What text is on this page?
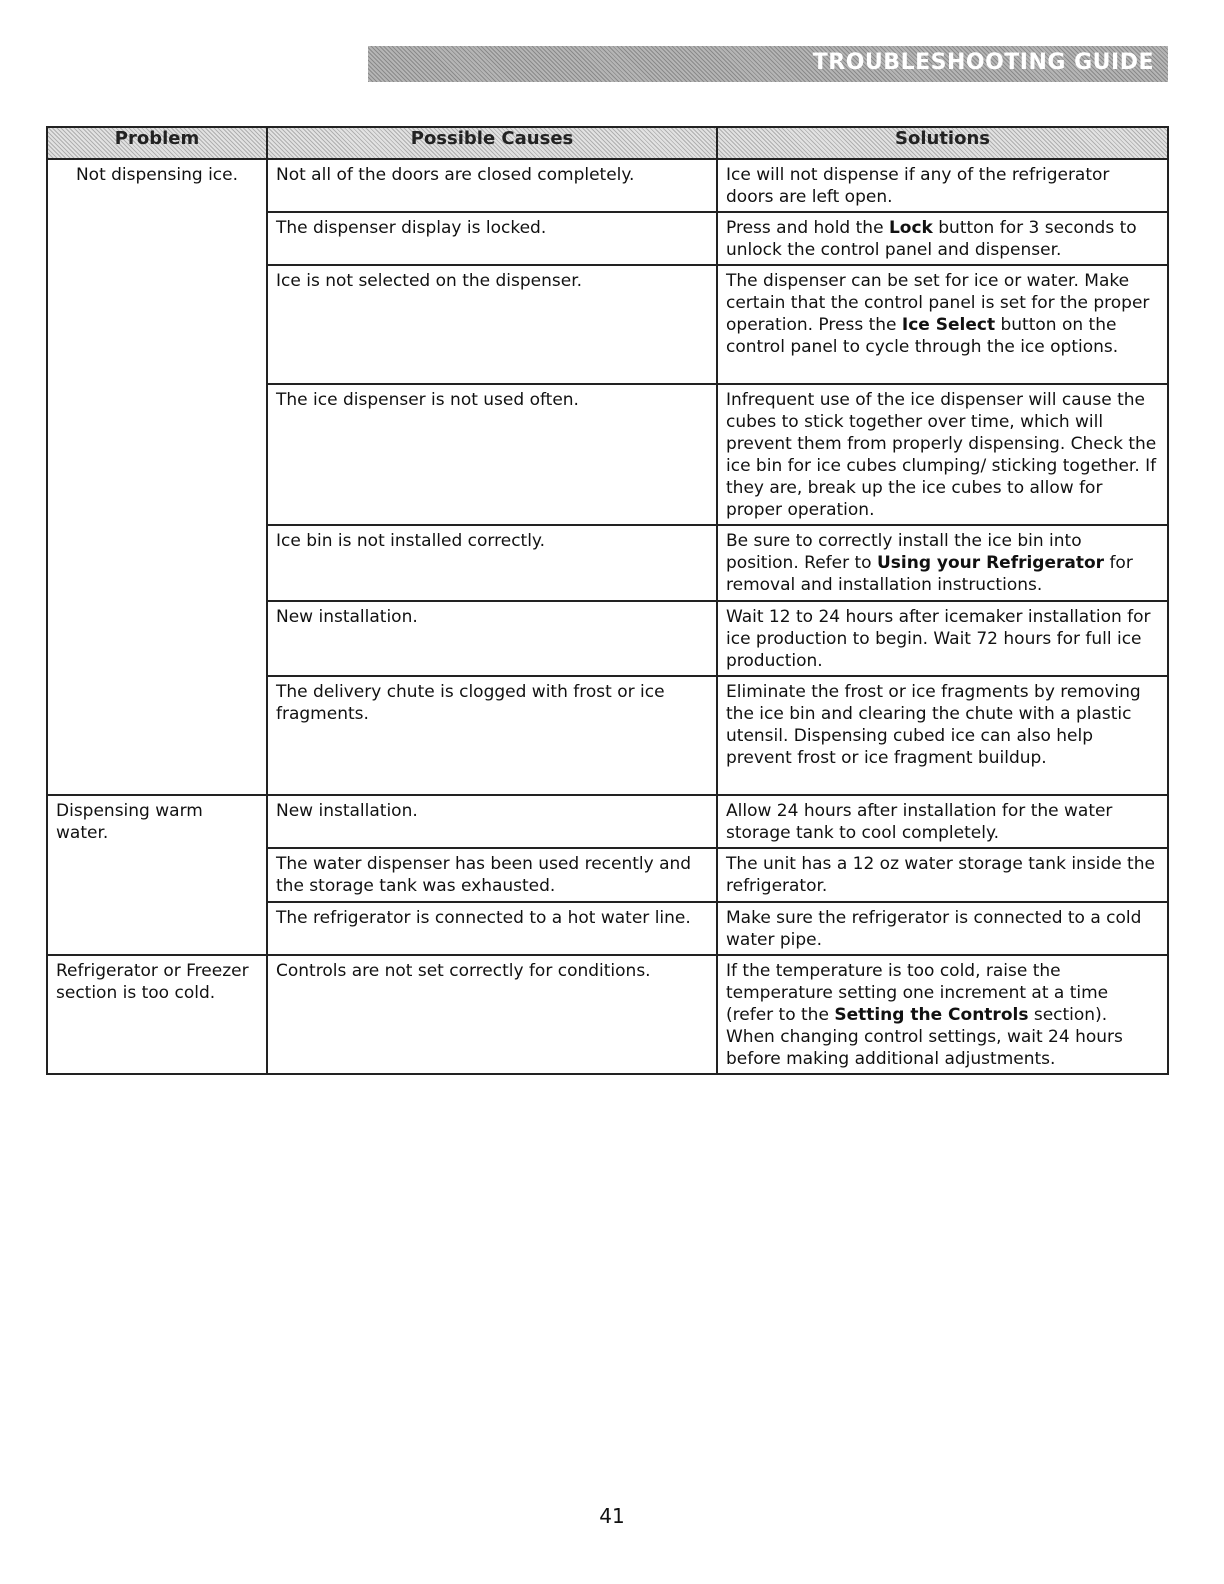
TROUBLESHOOTING GUIDE
Problem	Possible Causes	Solutions
Not dispensing ice.	Not all of the doors are closed completely.	Ice will not dispense if any of the refrigerator doors are left open.
	The dispenser display is locked.	Press and hold the Lock button for 3 seconds to unlock the control panel and dispenser.
	Ice is not selected on the dispenser.	The dispenser can be set for ice or water. Make certain that the control panel is set for the proper operation. Press the Ice Select button on the control panel to cycle through the ice options.
	The ice dispenser is not used often.	Infrequent use of the ice dispenser will cause the cubes to stick together over time, which will prevent them from properly dispensing. Check the ice bin for ice cubes clumping/ sticking together. If they are, break up the ice cubes to allow for proper operation.
	Ice bin is not installed correctly.	Be sure to correctly install the ice bin into position. Refer to Using your Refrigerator for removal and installation instructions.
	New installation.	Wait 12 to 24 hours after icemaker installation for ice production to begin. Wait 72 hours for full ice production.
	The delivery chute is clogged with frost or ice fragments.	Eliminate the frost or ice fragments by removing the ice bin and clearing the chute with a plastic utensil. Dispensing cubed ice can also help prevent frost or ice fragment buildup.
Dispensing warm water.	New installation.	Allow 24 hours after installation for the water storage tank to cool completely.
	The water dispenser has been used recently and the storage tank was exhausted.	The unit has a 12 oz water storage tank inside the refrigerator.
	The refrigerator is connected to a hot water line.	Make sure the refrigerator is connected to a cold water pipe.
Refrigerator or Freezer section is too cold.	Controls are not set correctly for conditions.	If the temperature is too cold, raise the temperature setting one increment at a time (refer to the Setting the Controls section). When changing control settings, wait 24 hours before making additional adjustments.
41
